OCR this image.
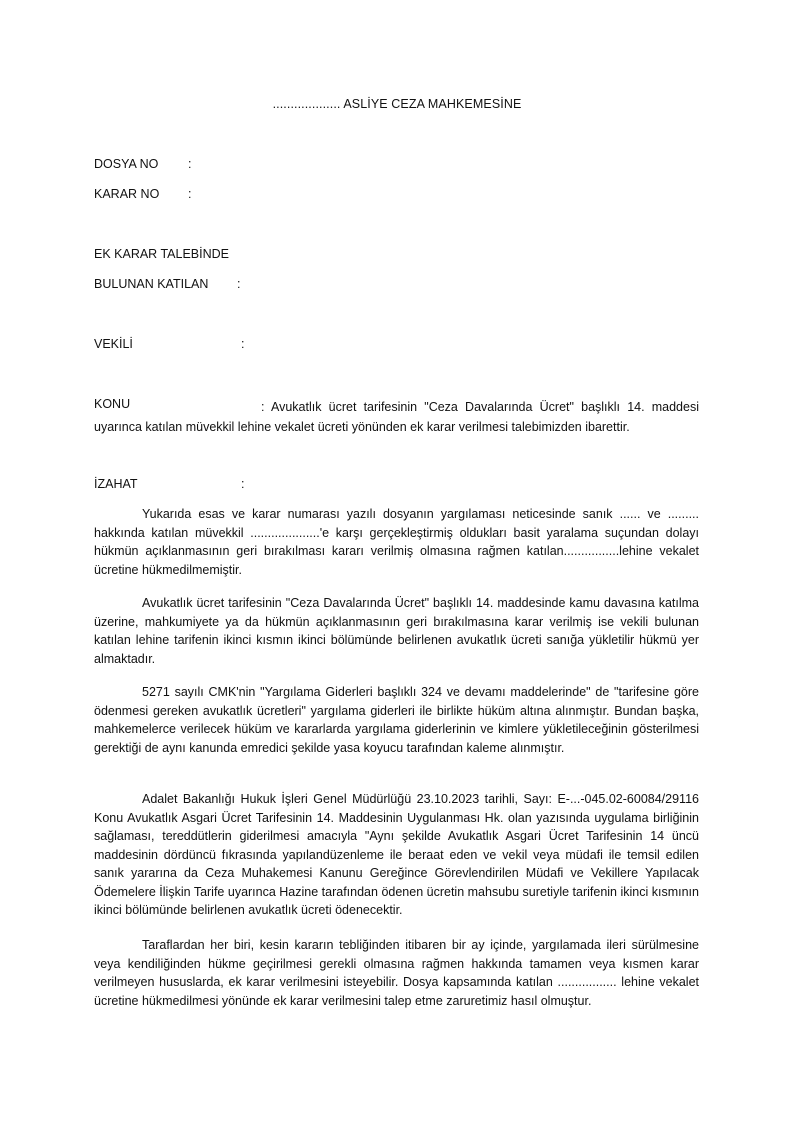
................... ASLİYE CEZA MAHKEMESİNE
DOSYA NO :
KARAR NO :
EK KARAR TALEBİNDE
BULUNAN KATILAN :
VEKİLİ	:
KONU	: Avukatlık ücret tarifesinin "Ceza Davalarında Ücret" başlıklı 14. maddesi uyarınca katılan müvekkil lehine vekalet ücreti yönünden ek karar verilmesi talebimizden ibarettir.
İZAHAT	:
Yukarıda esas ve karar numarası yazılı dosyanın yargılaması neticesinde sanık ...... ve ......... hakkında katılan müvekkil ....................'e karşı gerçekleştirmiş oldukları basit yaralama suçundan dolayı hükmün açıklanmasının geri bırakılması kararı verilmiş olmasına rağmen katılan................lehine vekalet ücretine hükmedilmemiştir.
Avukatlık ücret tarifesinin "Ceza Davalarında Ücret" başlıklı 14. maddesinde kamu davasına katılma üzerine, mahkumiyete ya da hükmün açıklanmasının geri bırakılmasına karar verilmiş ise vekili bulunan katılan lehine tarifenin ikinci kısmın ikinci bölümünde belirlenen avukatlık ücreti sanığa yükletilir hükmü yer almaktadır.
5271 sayılı CMK'nin "Yargılama Giderleri başlıklı 324 ve devamı maddelerinde" de "tarifesine göre ödenmesi gereken avukatlık ücretleri" yargılama giderleri ile birlikte hüküm altına alınmıştır. Bundan başka, mahkemelerce verilecek hüküm ve kararlarda yargılama giderlerinin ve kimlere yükletileceğinin gösterilmesi gerektiği de aynı kanunda emredici şekilde yasa koyucu tarafından kaleme alınmıştır.
Adalet Bakanlığı Hukuk İşleri Genel Müdürlüğü 23.10.2023 tarihli, Sayı: E-...-045.02-60084/29116 Konu Avukatlık Asgari Ücret Tarifesinin 14. Maddesinin Uygulanması Hk. olan yazısında uygulama birliğinin sağlaması, tereddütlerin giderilmesi amacıyla "Aynı şekilde Avukatlık Asgari Ücret Tarifesinin 14 üncü maddesinin dördüncü fıkrasında yapılandüzenleme ile beraat eden ve vekil veya müdafi ile temsil edilen sanık yararına da Ceza Muhakemesi Kanunu Gereğince Görevlendirilen Müdafi ve Vekillere Yapılacak Ödemelere İlişkin Tarife uyarınca Hazine tarafından ödenen ücretin mahsubu suretiyle tarifenin ikinci kısmının ikinci bölümünde belirlenen avukatlık ücreti ödenecektir.
Taraflardan her biri, kesin kararın tebliğinden itibaren bir ay içinde, yargılamada ileri sürülmesine veya kendiliğinden hükme geçirilmesi gerekli olmasına rağmen hakkında tamamen veya kısmen karar verilmeyen hususlarda, ek karar verilmesini isteyebilir. Dosya kapsamında katılan ................. lehine vekalet ücretine hükmedilmesi yönünde ek karar verilmesini talep etme zaruretimiz hasıl olmuştur.
